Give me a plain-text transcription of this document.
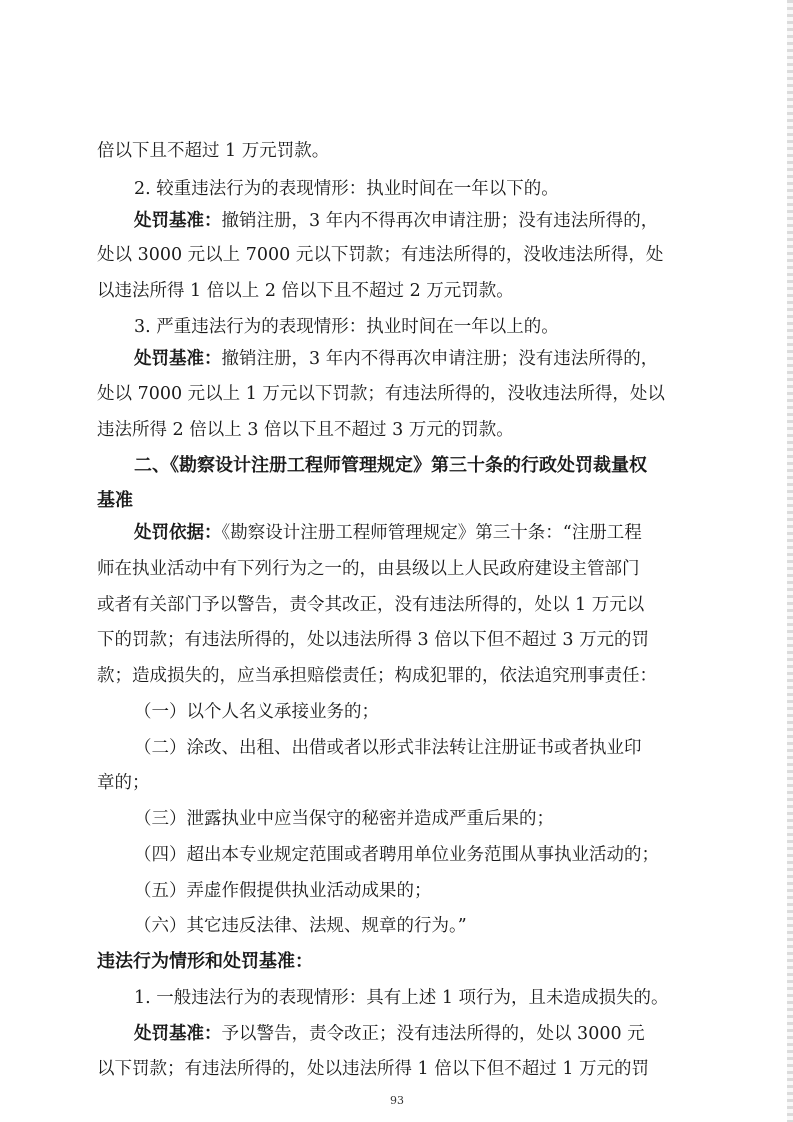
倍以下且不超过 1 万元罚款。
2. 较重违法行为的表现情形：执业时间在一年以下的。
处罚基准：撤销注册，3 年内不得再次申请注册；没有违法所得的，
处以 3000 元以上 7000 元以下罚款；有违法所得的，没收违法所得，处
以违法所得 1 倍以上 2 倍以下且不超过 2 万元罚款。
3. 严重违法行为的表现情形：执业时间在一年以上的。
处罚基准：撤销注册，3 年内不得再次申请注册；没有违法所得的，
处以 7000 元以上 1 万元以下罚款；有违法所得的，没收违法所得，处以
违法所得 2 倍以上 3 倍以下且不超过 3 万元的罚款。
二、《勘察设计注册工程师管理规定》第三十条的行政处罚裁量权
基准
处罚依据：《勘察设计注册工程师管理规定》第三十条：“注册工程
师在执业活动中有下列行为之一的，由县级以上人民政府建设主管部门
或者有关部门予以警告，责令其改正，没有违法所得的，处以 1 万元以
下的罚款；有违法所得的，处以违法所得 3 倍以下但不超过 3 万元的罚
款；造成损失的，应当承担赔偿责任；构成犯罪的，依法追究刑事责任：
（一）以个人名义承接业务的；
（二）涂改、出租、出借或者以形式非法转让注册证书或者执业印
章的；
（三）泄露执业中应当保守的秘密并造成严重后果的；
（四）超出本专业规定范围或者聘用单位业务范围从事执业活动的；
（五）弄虚作假提供执业活动成果的；
（六）其它违反法律、法规、规章的行为。”
违法行为情形和处罚基准：
1. 一般违法行为的表现情形：具有上述 1 项行为，且未造成损失的。
处罚基准：予以警告，责令改正；没有违法所得的，处以 3000 元
以下罚款；有违法所得的，处以违法所得 1 倍以下但不超过 1 万元的罚
93
